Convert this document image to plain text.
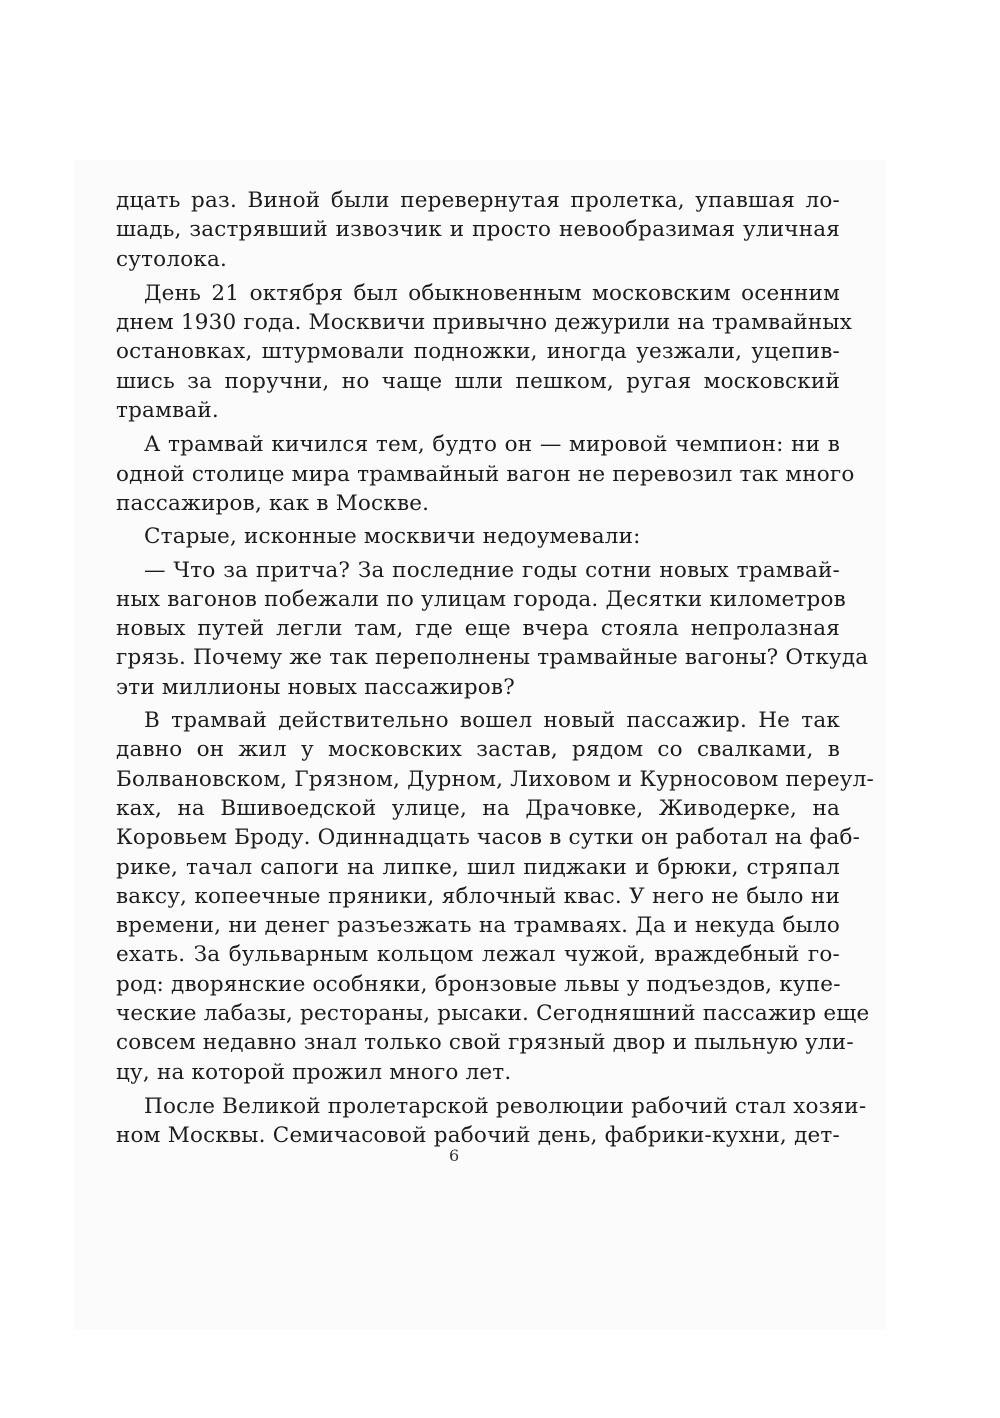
дцать раз. Виной были перевернутая пролетка, упавшая ло-
шадь, застрявший извозчик и просто невообразимая уличная
сутолока.
День 21 октября был обыкновенным московским осенним
днем 1930 года. Москвичи привычно дежурили на трамвайных
остановках, штурмовали подножки, иногда уезжали, уцепив-
шись за поручни, но чаще шли пешком, ругая московский
трамвай.
А трамвай кичился тем, будто он — мировой чемпион: ни в
одной столице мира трамвайный вагон не перевозил так много
пассажиров, как в Москве.
Старые, исконные москвичи недоумевали:
— Что за притча? За последние годы сотни новых трамвай-
ных вагонов побежали по улицам города. Десятки километров
новых путей легли там, где еще вчера стояла непролазная
грязь. Почему же так переполнены трамвайные вагоны? Откуда
эти миллионы новых пассажиров?
В трамвай действительно вошел новый пассажир. Не так
давно он жил у московских застав, рядом со свалками, в
Болвановском, Грязном, Дурном, Лиховом и Курносовом переул-
ках, на Вшивоедской улице, на Драчовке, Живодерке, на
Коровьем Броду. Одиннадцать часов в сутки он работал на фаб-
рике, тачал сапоги на липке, шил пиджаки и брюки, стряпал
ваксу, копеечные пряники, яблочный квас. У него не было ни
времени, ни денег разъезжать на трамваях. Да и некуда было
ехать. За бульварным кольцом лежал чужой, враждебный го-
род: дворянские особняки, бронзовые львы у подъездов, купе-
ческие лабазы, рестораны, рысаки. Сегодняшний пассажир еще
совсем недавно знал только свой грязный двор и пыльную ули-
цу, на которой прожил много лет.
После Великой пролетарской революции рабочий стал хозяи-
ном Москвы. Семичасовой рабочий день, фабрики-кухни, дет-
6
